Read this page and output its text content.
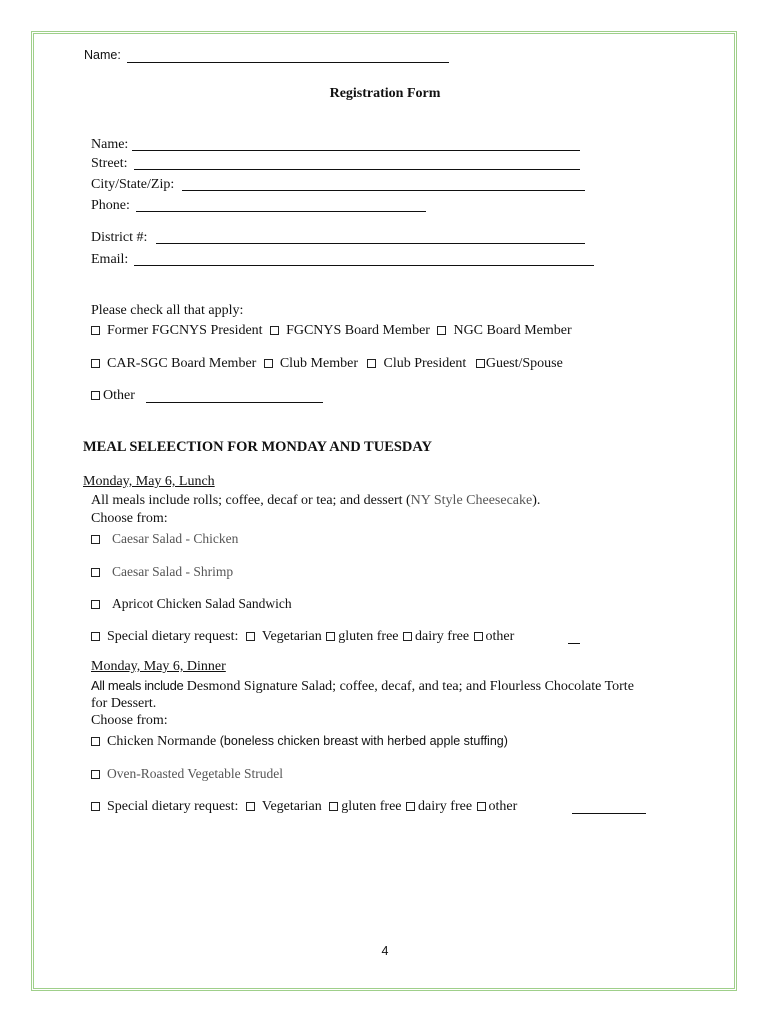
Name:
Registration Form
Name:
Street:
City/State/Zip:
Phone:
District #:
Email:
Please check all that apply:
Former FGCNYS President FGCNYS Board Member NGC Board Member
CAR-SGC Board Member Club Member Club President Guest/Spouse
Other
MEAL SELEECTION FOR MONDAY AND TUESDAY
Monday, May 6, Lunch
All meals include rolls; coffee, decaf or tea; and dessert (NY Style Cheesecake).
Choose from:
Caesar Salad - Chicken
Caesar Salad - Shrimp
Apricot Chicken Salad Sandwich
Special dietary request: Vegetarian gluten free dairy free other
Monday, May 6, Dinner
All meals include Desmond Signature Salad; coffee, decaf, and tea; and Flourless Chocolate Torte
for Dessert.
Choose from:
Chicken Normande (boneless chicken breast with herbed apple stuffing)
Oven-Roasted Vegetable Strudel
Special dietary request: Vegetarian gluten free dairy free other
4
